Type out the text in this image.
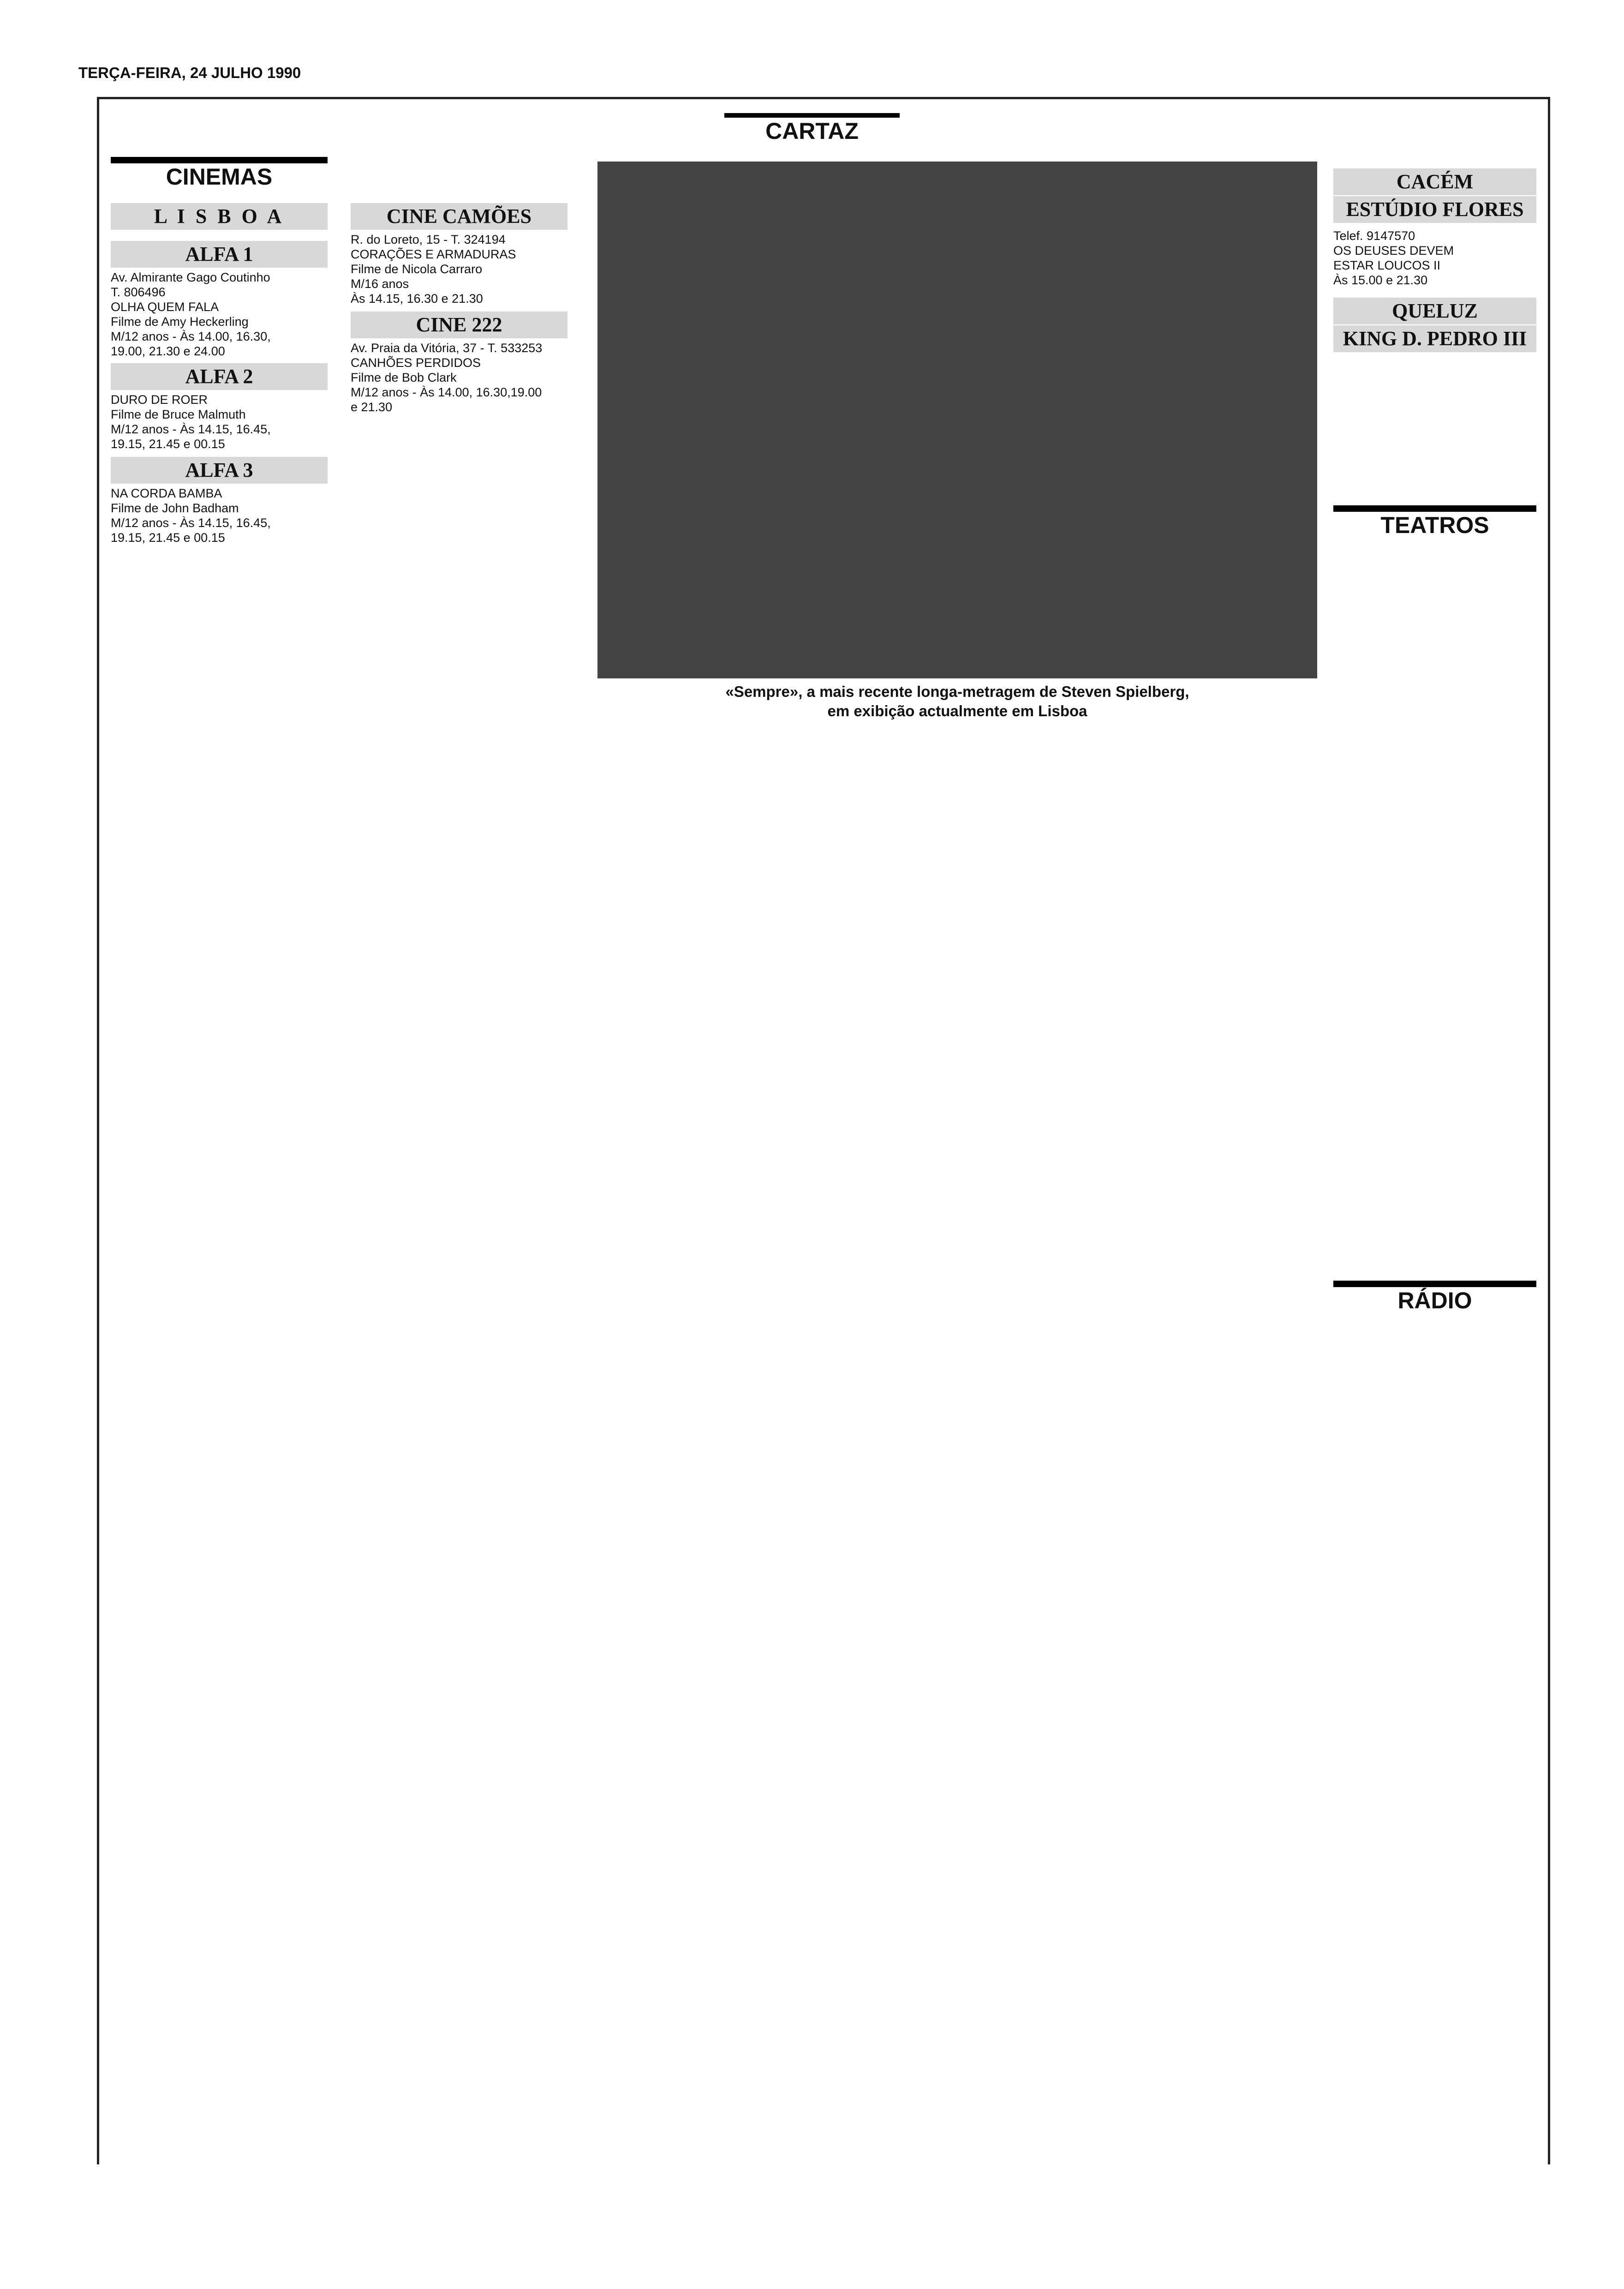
TERÇA-FEIRA, 24 JULHO 1990
CARTAZ
CINEMAS
L I S B O A
ALFA 1
Av. Almirante Gago Coutinho
T. 806496
OLHA QUEM FALA
Filme de Amy Heckerling
M/12 anos - Às 14.00, 16.30,
19.00, 21.30 e 24.00
ALFA 2
DURO DE ROER
Filme de Bruce Malmuth
M/12 anos - Às 14.15, 16.45,
19.15, 21.45 e 00.15
ALFA 3
NA CORDA BAMBA
Filme de John Badham
M/12 anos - Às 14.15, 16.45,
19.15, 21.45 e 00.15
CINE CAMÕES
R. do Loreto, 15 - T. 324194
CORAÇÕES E ARMADURAS
Filme de Nicola Carraro
M/16 anos
Às 14.15, 16.30 e 21.30
CINE 222
Av. Praia da Vitória, 37 - T. 533253
CANHÕES PERDIDOS
Filme de Bob Clark
M/12 anos - Às 14.00, 16.30,19.00
e 21.30
«Sempre», a mais recente longa-metragem de Steven Spielberg,
em exibição actualmente em Lisboa
CACÉM
ESTÚDIO FLORES
Telef. 9147570
OS DEUSES DEVEM
ESTAR LOUCOS II
Às 15.00 e 21.30
QUELUZ
KING D. PEDRO III
TEATROS
RÁDIO
